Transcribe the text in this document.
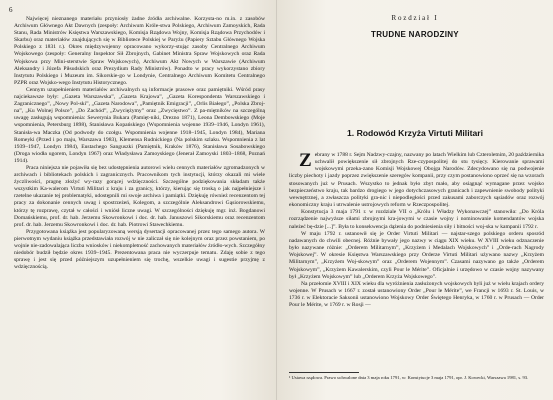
6

Najwięcej nieznanego materiału przyniosły żadne źródła archiwalne. Korzysta-no m.in. z zasobów Archiwum Głównego Akt Dawnych (zespoły: Archiwum Króle-stwa Polskiego, Archiwum Zamoyskich, Rada Stanu, Rada Ministrów Księstwa Warszawskiego, Komisja Rządowa Wojny, Komisja Rządowa Przychodów i Skarbu) oraz materiałów znajdujących się w Bibliotece Polskiej w Paryżu (Papiery Sztabu Głównego Wojska Polskiego z 1831 r.). Okres międzywojenny opracowano wykorzy-stując zasoby Centralnego Archiwum Wojskowego (zespoły: Generalny Inspektor Sił Zbrojnych, Gabinet Ministra Spraw Wojskowych oraz Rada Wojskowa przy Mini-sterstwie Spraw Wojskowych), Archiwum Akt Nowych w Warszawie (Archiwum Aleksandry i Józefa Piłsudskich oraz Prezydium Rady Ministrów). Ponadto w pracy wykorzystano zbiory Instytutu Polskiego i Muzeum im. Sikorskie-go w Londynie, Centralnego Archiwum Komitetu Centralnego PZPR oraz Wojsko-wego Instytutu Historycznego.

Cennym uzupełnieniem materiałów archiwalnych są informacje prasowe oraz pamiętniki. Wśród prasy najciekawsze były: „Gazeta Warszawska”, „Gazeta Krajowa”, „Gazeta Korespondenta Warszawskiego i Zagranicznego”, „Nowy Pol-ski”, „Gazeta Narodowa”, „Pamiętnik Emigracji”, „Orlis Białego”, „Polska Zbroj-na”, „Ku Wolnej Polsce”, „Do Zachód”, „Zwyciężymy” oraz „Zwycięstwo”. Z pa-miętników na szczególną uwagę zasługują wspomnienia: Sewerynia Bukara (Pamięt-niki, Drezno 1871), Leona Dembowskiego (Moje wspomnienia, Petersburg 1898), Stanisława Kopańskiego (Wspomnienia wojenne 1939–1946, Londyn 1961), Stanisła-wa Maczka (Od podwody do czołgu. Wspomnienia wojenne 1918–1945, Londyn 1984), Mariana Romeyki (Przed i po maju, Warszawa 1983), Klemensa Rudnickiego (Na polskim szlaku. Wspomnienia z lat 1939–1947, Londyn 1984), Eustachego Sanguszki (Pamiętnik, Kraków 1876), Stanisława Sosabowskiego (Droga wiodła ugorem, Londyn 1967) oraz Władysława Zamoyskiego (Jenerał Zamoyski 1803–1868, Poznań 1914).

Praca niniejsza nie pojawiła się bez udostępnienia autorowi wielu cennych materiałów zgromadzonych w archiwach i bibliotekach polskich i zagranicznych. Pracownikom tych instytucji, którzy okazali mi wiele życzliwości, pragnę złożyć wy-razy gorącej wdzięczności. Szczególne podziękowania składam także wszystkim Ka-walerom Virtuti Militari z kraju i za granicy, którzy, kierując się troską o jak najpełniejsze i rzetelne ukazanie tej problematyki, udostępnili mi swoje archiwa i pamiątki. Dziękuję również recenzentom tej pracy za dokonanie cennych uwag i spostrzeżeń, Kolegom, a szczególnie Aleksandrowi Gąsiorowskiemu, którzy tę rozprawę, czytał w całości i wniósł liczne uwagi. W szczególności dziękuję mgr. inż. Bogdanowi Domańskiemu, prof. dr. hab. Jerzemu Skowronkowi i doc. dr. hab. Januszowi Sikorskiemu oraz recenzentom prof. dr. hab. Jerzemu Skowronkowi i doc. dr. hab. Piotrowi Stawechkiemu.

Przygotowana książka jest popularyzowaną wersją dysertacji opracowanej przez tego samego autora. W pierwotnym wydaniu książka przedstawiała rozwój w nie zaliczał się nie kolejnym oraz przez powstaniem, po wojnie nie-zadowalająca liczba wniosków i niekompletność zachowanych materiałów źródło-wych. Szczegółny niedobór budził będzie okres 1939–1945. Prezentowana praca nie wyczerpuje tematu. Zdaję sobie z tego sprawę i jest się przed późniejszym uzupełnieniem się trochę, wszelkie uwagi i sugestie przyjmę z wdzięcznością.

Rozdział I
TRUDNE NARODZINY
1. Rodowód Krzyża Virtuti Militari

Zebrany w 1788 r. Sejm Nadzwy-czajny, nazwany po latach Wielkim lub Czteroletnim, 20 października uchwalił powiększenie sił zbrojnych Rze-czypospolitej do stu tysięcy. Kierowanie sprawami wojskowymi przeka-zano Komisji Wojskowej Obojga Narodów. Zdecydowano się na podwojenie liczby piechoty i jazdy poprzez zwiększenie szeregów kompanii, przy czym postanowiono oprzeć się na wzorach stosowanych już w Prusach. Wszystko to jednak było zbyt mało, aby osiągnąć wymagane przez wojsko bezpieczeństwo kraju, tak bardzo drogiego w jego dotychczasowych granicach i zapewnienie swobody polityki wewnętrznej, a zwłaszcza polityki gra-nic i niepodległości przed zakusami zaborczych sąsiadów oraz rozwój ekonomiczny kraju i utrwalenie ustrojowych reform w Rzeczpospolitej.

Konstytucja 3 maja 1791 r. w rozdziale VII o „Królu i Władzy Wykonawczej” stanowiła: „Do Króla rozrządzenie najwyższe siłami zbrojnymi kra-jowymi w czasie wojny i nominowanie komendantów wojska należeć bę-dzie [...]”. Była to konsekwencja dążenia do podniesienia siły i bitności woj-ska w kampanii 1792 r.

W maju 1792 r. ustanowił się je Order Virtuti Militari — najstar-szego polskiego orderu sposród nadawanych do chwili obecnej. Różnie bywały jego nazwy w ciągu XIX wieku. W XVIII wieku odznaczenie było nazywane różnie: „Orderem Militarnym”, „Krzyżem i Medalach Wojskowych” i „Orde-rach Nagrody Wojskowej”. W okresie Księstwa Warszawskiego przy Orderze Virtuti Militari używano nazwy „Krzyżem Militarnym”, „Krzyżem Woj-skowym” oraz „Orderem Wojennym”. Czasami nazywano go także „Orderem Wojskowym”, „Krzyżem Kawalerskim, czyli Pour le Mérite”. Oficjalnie i urzędowo w czasie wojny nazywany był „Krzyżem Wojskowym” lub „Orderem Krzyża Wojskowego”.

Na przełomie XVIII i XIX wieku dla wyróżnienia zasłużonych wojskowych byli już w wielu krajach ordery wojenne. W Prusach w 1667 r. został ustanowiony Order „Pour le Mérite”, we Francji w 1693 r. St. Louis, w 1736 r. w Elektoracie Saksonii ustanowiono Wojskowy Order Świętego Henryka, w 1760 r. w Prusach — Order Pour le Mérite, w 1769 r. w Rosji —

¹ Ustawa rządowa. Prawo uchwalone dnia 3 maja roku 1791, w: Konstytucje 3 maja 1791, opr. J. Kowecki, Warszawa 1981, s. 93.
